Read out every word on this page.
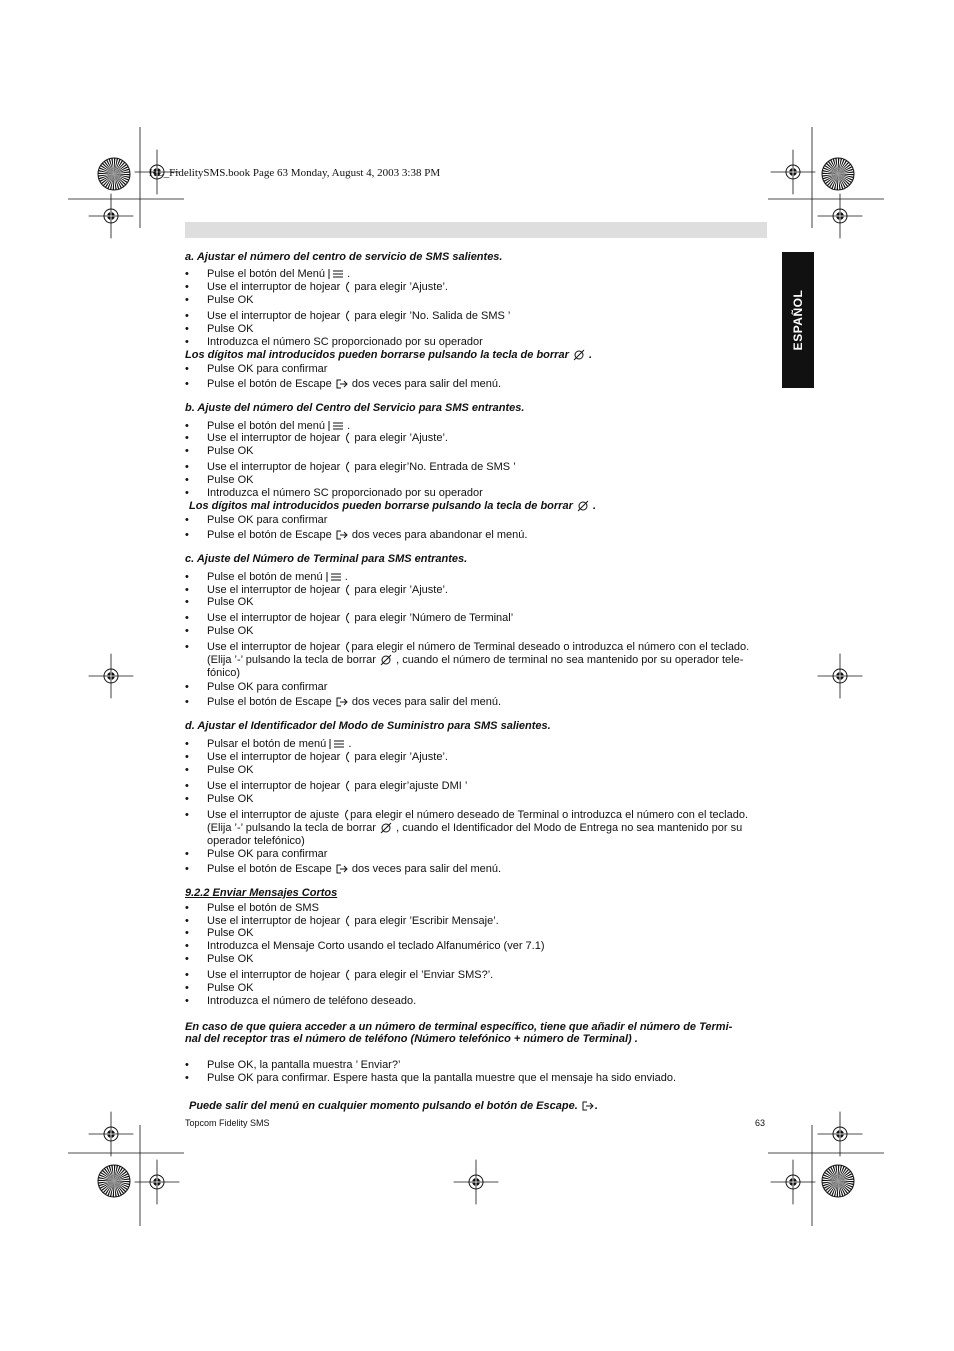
HL_FidelitySMS.book Page 63 Monday, August 4, 2003 3:38 PM
ESPAÑOL
a. Ajustar el número del centro de servicio de SMS salientes.
•	Pulse el botón del Menú  .
•	Use el interruptor de hojear para elegir ’Ajuste’.
•	Pulse OK
•	Use el interruptor de hojear para elegir ’No. Salida de SMS ’
•	Pulse OK
•	Introduzca el número SC proporcionado por su operador
Los dígitos mal introducidos pueden borrarse pulsando la tecla de borrar  .
•	Pulse OK para confirmar
•	Pulse el botón de Escape dos veces para salir del menú.
b. Ajuste del número del Centro del Servicio para SMS entrantes.
•	Pulse el botón del menú  .
•	Use el interruptor de hojear para elegir ’Ajuste’.
•	Pulse OK
•	Use el interruptor de hojear para elegir’No. Entrada de SMS ’
•	Pulse OK
•	Introduzca el número SC proporcionado por su operador
Los dígitos mal introducidos pueden borrarse pulsando la tecla de borrar  .
•	Pulse OK para confirmar
•	Pulse el botón de Escape dos veces para abandonar el menú.
c. Ajuste del Número de Terminal para SMS entrantes.
•	Pulse el botón de menú  .
•	Use el interruptor de hojear para elegir ’Ajuste’.
•	Pulse OK
•	Use el interruptor de hojear para elegir ’Número de Terminal’
•	Pulse OK
•	Use el interruptor de hojear para elegir el número de Terminal deseado o introduzca el número con el teclado.
(Elija ’-’ pulsando la tecla de borrar , cuando el número de terminal no sea mantenido por su operador tele-
fónico)
•	Pulse OK para confirmar
•	Pulse el botón de Escape dos veces para salir del menú.
d. Ajustar el Identificador del Modo de Suministro para SMS salientes.
•	Pulsar el botón de menú  .
•	Use el interruptor de hojear para elegir ’Ajuste’.
•	Pulse OK
•	Use el interruptor de hojear para elegir’ajuste DMI ’
•	Pulse OK
•	Use el interruptor de ajuste para elegir el número deseado de Terminal o introduzca el número con el teclado.
(Elija ’-’ pulsando la tecla de borrar , cuando el Identificador del Modo de Entrega no sea mantenido por su
operador telefónico)
•	Pulse OK para confirmar
•	Pulse el botón de Escape dos veces para salir del menú.
9.2.2 Enviar Mensajes Cortos
•	Pulse el botón de SMS
•	Use el interruptor de hojear para elegir ’Escribir Mensaje’.
•	Pulse OK
•	Introduzca el Mensaje Corto usando el teclado Alfanumérico (ver 7.1)
•	Pulse OK
•	Use el interruptor de hojear para elegir el ’Enviar SMS?’.
•	Pulse OK
•	Introduzca el número de teléfono deseado.
En caso de que quiera acceder a un número de terminal específico, tiene que añadir el número de Termi-
nal del receptor tras el número de teléfono (Número telefónico + número de Terminal) .
•	Pulse OK, la pantalla muestra ’ Enviar?’
•	Pulse OK para confirmar. Espere hasta que la pantalla muestre que el mensaje ha sido enviado.
Puede salir del menú en cualquier momento pulsando el botón de Escape. .
Topcom Fidelity SMS	63
